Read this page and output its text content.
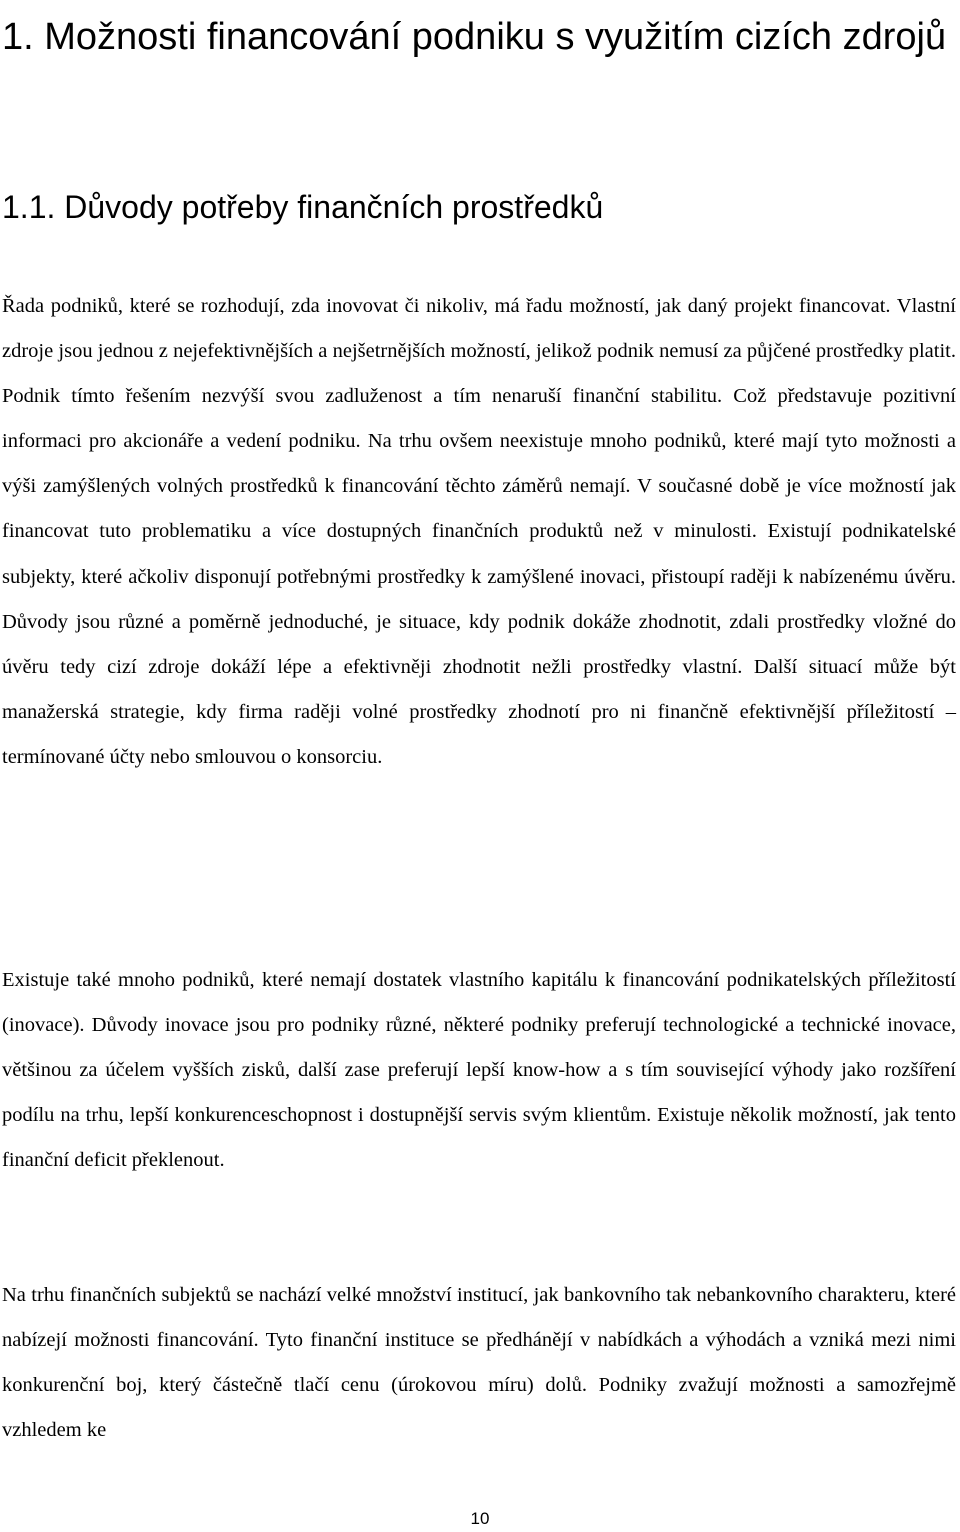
1. Možnosti financování podniku s využitím cizích zdrojů
1.1. Důvody potřeby finančních prostředků

Řada podniků, které se rozhodují, zda inovovat či nikoliv, má řadu možností, jak daný projekt financovat. Vlastní zdroje jsou jednou z nejefektivnějších a nejšetrnějších možností, jelikož podnik nemusí za půjčené prostředky platit. Podnik tímto řešením nezvýší svou zadluženost a tím nenaruší finanční stabilitu. Což představuje pozitivní informaci pro akcionáře a vedení podniku. Na trhu ovšem neexistuje mnoho podniků, které mají tyto možnosti a výši zamýšlených volných prostředků k financování těchto záměrů nemají. V současné době je více možností jak financovat tuto problematiku a více dostupných finančních produktů než v minulosti. Existují podnikatelské subjekty, které ačkoliv disponují potřebnými prostředky k zamýšlené inovaci, přistoupí raději k nabízenému úvěru. Důvody jsou různé a poměrně jednoduché, je situace, kdy podnik dokáže zhodnotit, zdali prostředky vložné do úvěru tedy cizí zdroje dokáží lépe a efektivněji zhodnotit nežli prostředky vlastní. Další situací může být manažerská strategie, kdy firma raději volné prostředky zhodnotí pro ni finančně efektivnější příležitostí – termínované účty nebo smlouvou o konsorciu.

Existuje také mnoho podniků, které nemají dostatek vlastního kapitálu k financování podnikatelských příležitostí (inovace). Důvody inovace jsou pro podniky různé, některé podniky preferují technologické a technické inovace, většinou za účelem vyšších zisků, další zase preferují lepší know-how a s tím související výhody jako rozšíření podílu na trhu, lepší konkurenceschopnost i dostupnější servis svým klientům. Existuje několik možností, jak tento finanční deficit překlenout.

Na trhu finančních subjektů se nachází velké množství institucí, jak bankovního tak nebankovního charakteru, které nabízejí možnosti financování. Tyto finanční instituce se předhánějí v nabídkách a výhodách a vzniká mezi nimi konkurenční boj, který částečně tlačí cenu (úrokovou míru) dolů. Podniky zvažují možnosti a samozřejmě vzhledem ke

10
